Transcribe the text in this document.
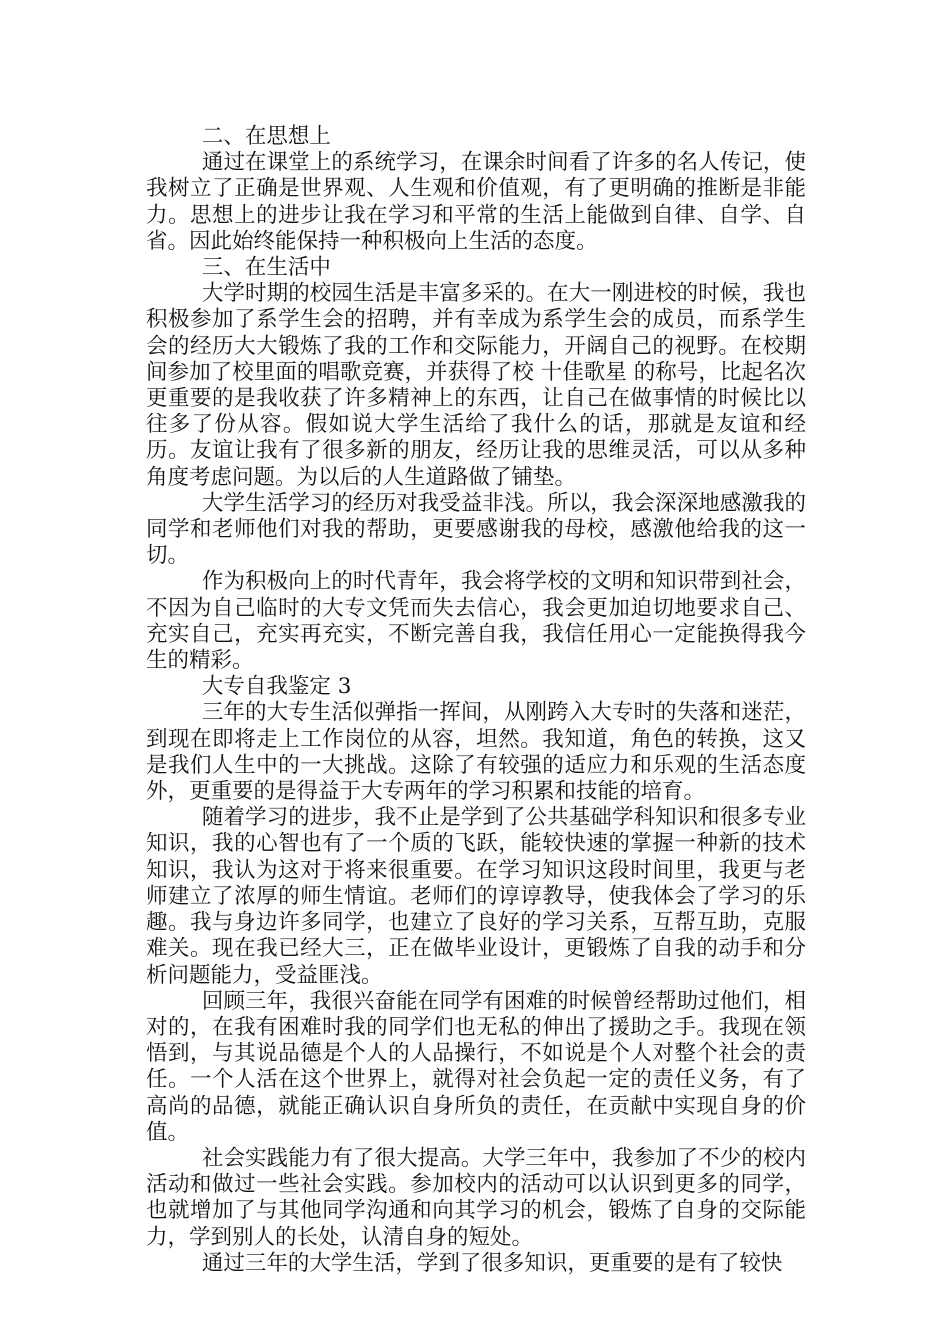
二、在思想上

通过在课堂上的系统学习，在课余时间看了许多的名人传记，使我树立了正确是世界观、人生观和价值观，有了更明确的推断是非能力。思想上的进步让我在学习和平常的生活上能做到自律、自学、自省。因此始终能保持一种积极向上生活的态度。

三、在生活中

大学时期的校园生活是丰富多采的。在大一刚进校的时候，我也积极参加了系学生会的招聘，并有幸成为系学生会的成员，而系学生会的经历大大锻炼了我的工作和交际能力，开阔自己的视野。在校期间参加了校里面的唱歌竞赛，并获得了校 十佳歌星 的称号，比起名次更重要的是我收获了许多精神上的东西，让自己在做事情的时候比以往多了份从容。假如说大学生活给了我什么的话，那就是友谊和经历。友谊让我有了很多新的朋友，经历让我的思维灵活，可以从多种角度考虑问题。为以后的人生道路做了铺垫。

大学生活学习的经历对我受益非浅。所以，我会深深地感激我的同学和老师他们对我的帮助，更要感谢我的母校，感激他给我的这一切。

作为积极向上的时代青年，我会将学校的文明和知识带到社会，不因为自己临时的大专文凭而失去信心，我会更加迫切地要求自己、充实自己，充实再充实，不断完善自我，我信任用心一定能换得我今生的精彩。

大专自我鉴定 3

三年的大专生活似弹指一挥间，从刚跨入大专时的失落和迷茫，到现在即将走上工作岗位的从容，坦然。我知道，角色的转换，这又是我们人生中的一大挑战。这除了有较强的适应力和乐观的生活态度外，更重要的是得益于大专两年的学习积累和技能的培育。

随着学习的进步，我不止是学到了公共基础学科知识和很多专业知识，我的心智也有了一个质的飞跃，能较快速的掌握一种新的技术知识，我认为这对于将来很重要。在学习知识这段时间里，我更与老师建立了浓厚的师生情谊。老师们的谆谆教导，使我体会了学习的乐趣。我与身边许多同学，也建立了良好的学习关系，互帮互助，克服难关。现在我已经大三，正在做毕业设计，更锻炼了自我的动手和分析问题能力，受益匪浅。

回顾三年，我很兴奋能在同学有困难的时候曾经帮助过他们，相对的，在我有困难时我的同学们也无私的伸出了援助之手。我现在领悟到，与其说品德是个人的人品操行，不如说是个人对整个社会的责任。一个人活在这个世界上，就得对社会负起一定的责任义务，有了高尚的品德，就能正确认识自身所负的责任，在贡献中实现自身的价值。

社会实践能力有了很大提高。大学三年中，我参加了不少的校内活动和做过一些社会实践。参加校内的活动可以认识到更多的同学，也就增加了与其他同学沟通和向其学习的机会，锻炼了自身的交际能力，学到别人的长处，认清自身的短处。

通过三年的大学生活，学到了很多知识，更重要的是有了较快
